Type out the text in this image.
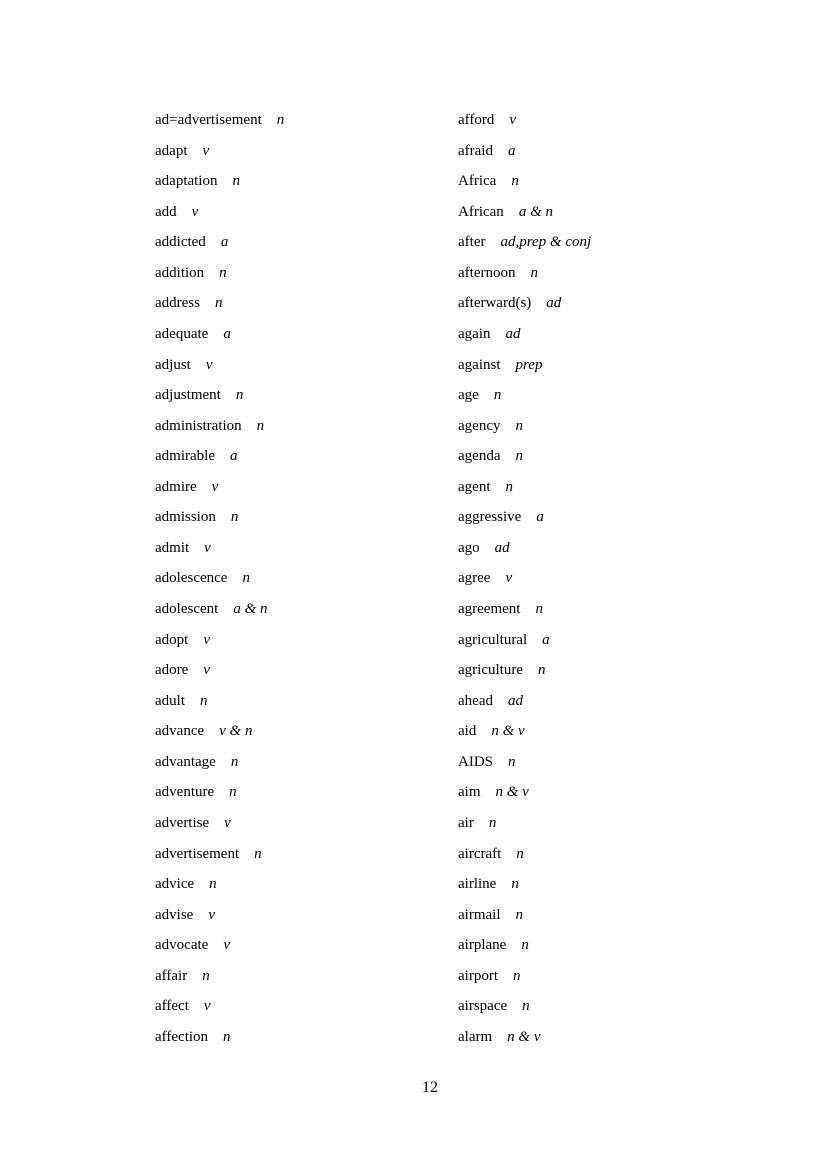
ad=advertisement n
adapt v
adaptation n
add v
addicted a
addition n
address n
adequate a
adjust v
adjustment n
administration n
admirable a
admire v
admission n
admit v
adolescence n
adolescent a & n
adopt v
adore v
adult n
advance v & n
advantage n
adventure n
advertise v
advertisement n
advice n
advise v
advocate v
affair n
affect v
affection n
afford v
afraid a
Africa n
African a & n
after ad,prep & conj
afternoon n
afterward(s) ad
again ad
against prep
age n
agency n
agenda n
agent n
aggressive a
ago ad
agree v
agreement n
agricultural a
agriculture n
ahead ad
aid n & v
AIDS n
aim n & v
air n
aircraft n
airline n
airmail n
airplane n
airport n
airspace n
alarm n & v
12
